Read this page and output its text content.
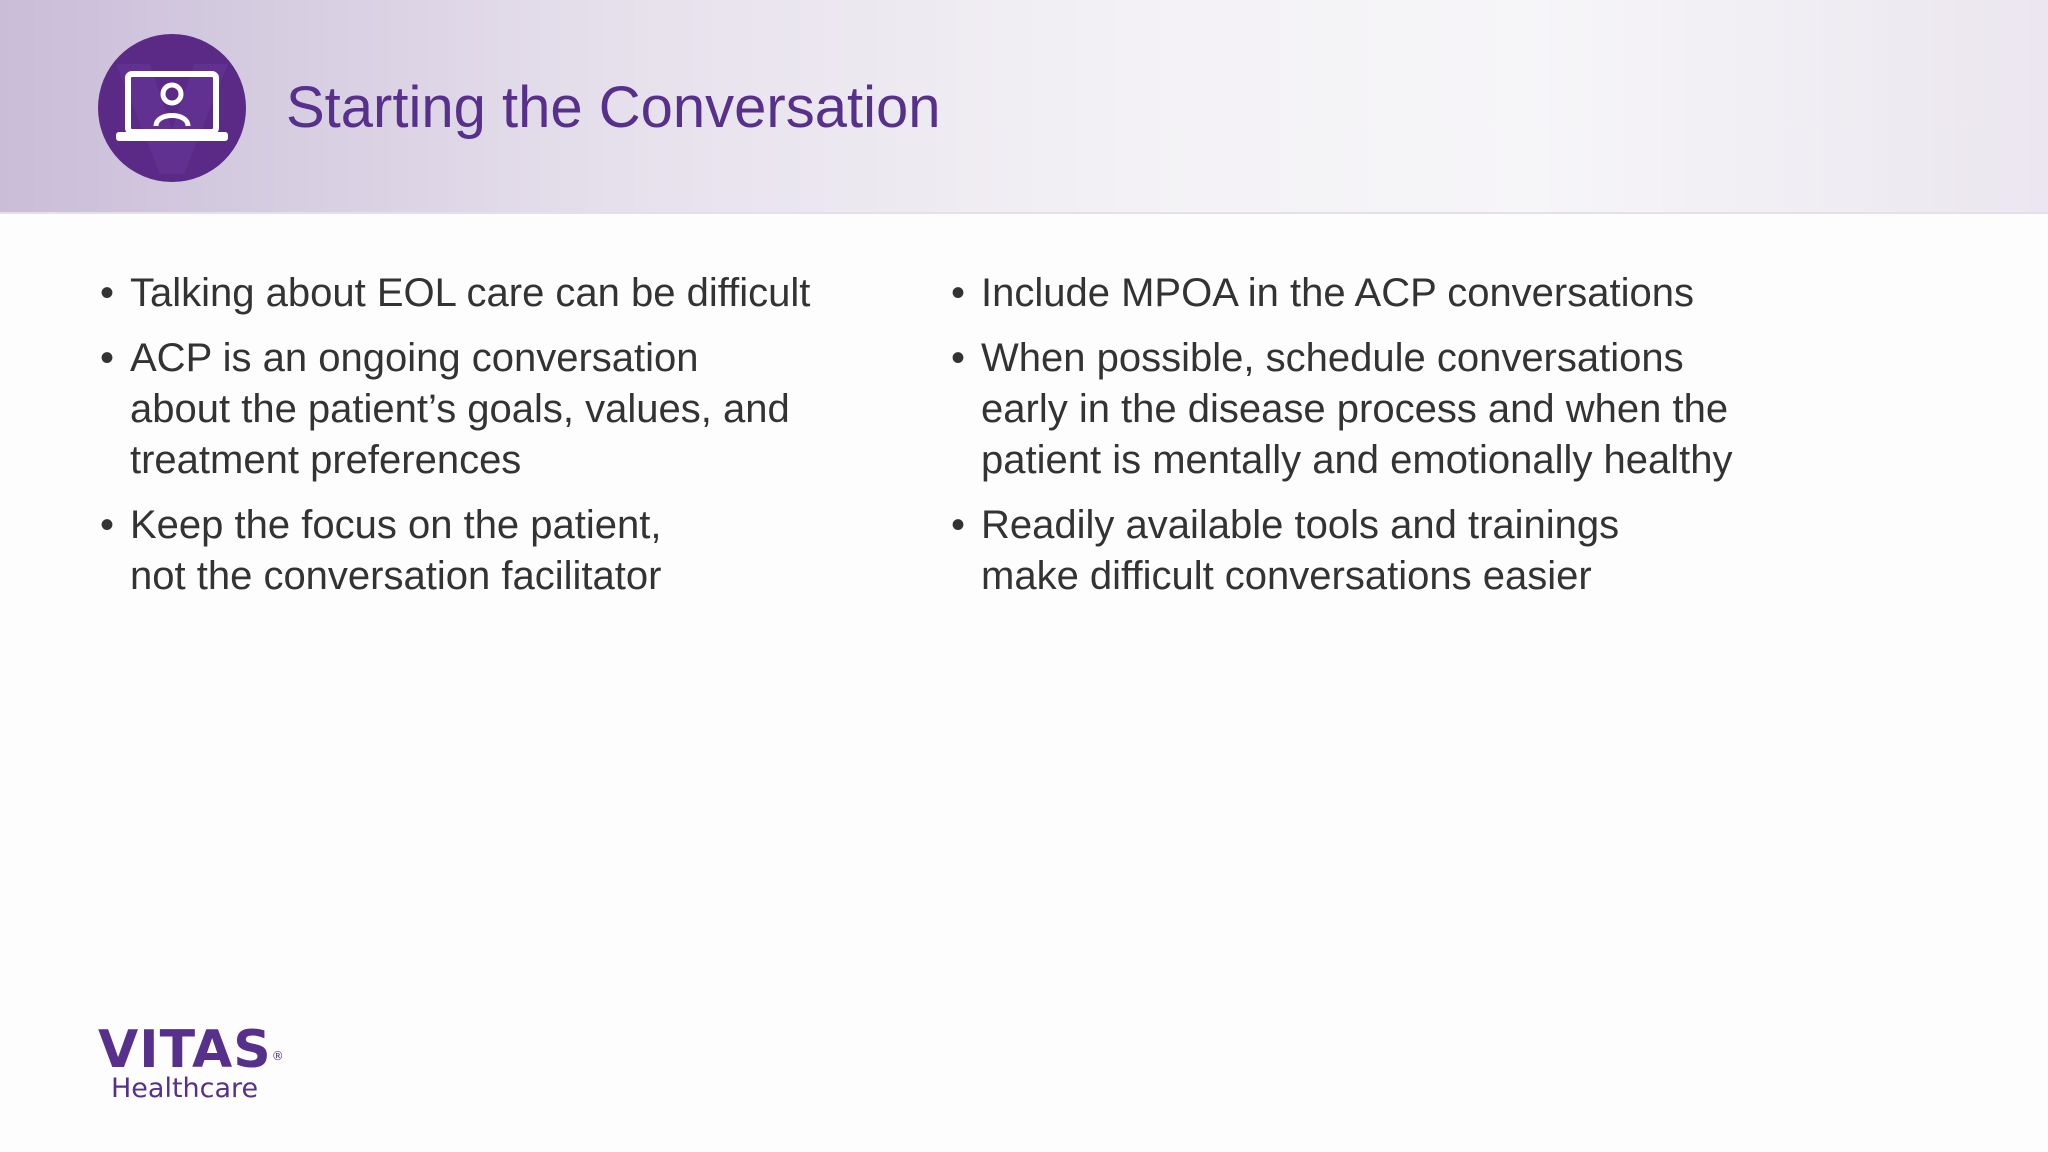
Starting the Conversation
• Talking about EOL care can be difficult
• ACP is an ongoing conversation
about the patient’s goals, values, and
treatment preferences
• Keep the focus on the patient,
not the conversation facilitator
• Include MPOA in the ACP conversations
• When possible, schedule conversations
early in the disease process and when the
patient is mentally and emotionally healthy
• Readily available tools and trainings
make difficult conversations easier
VITAS®
Healthcare
